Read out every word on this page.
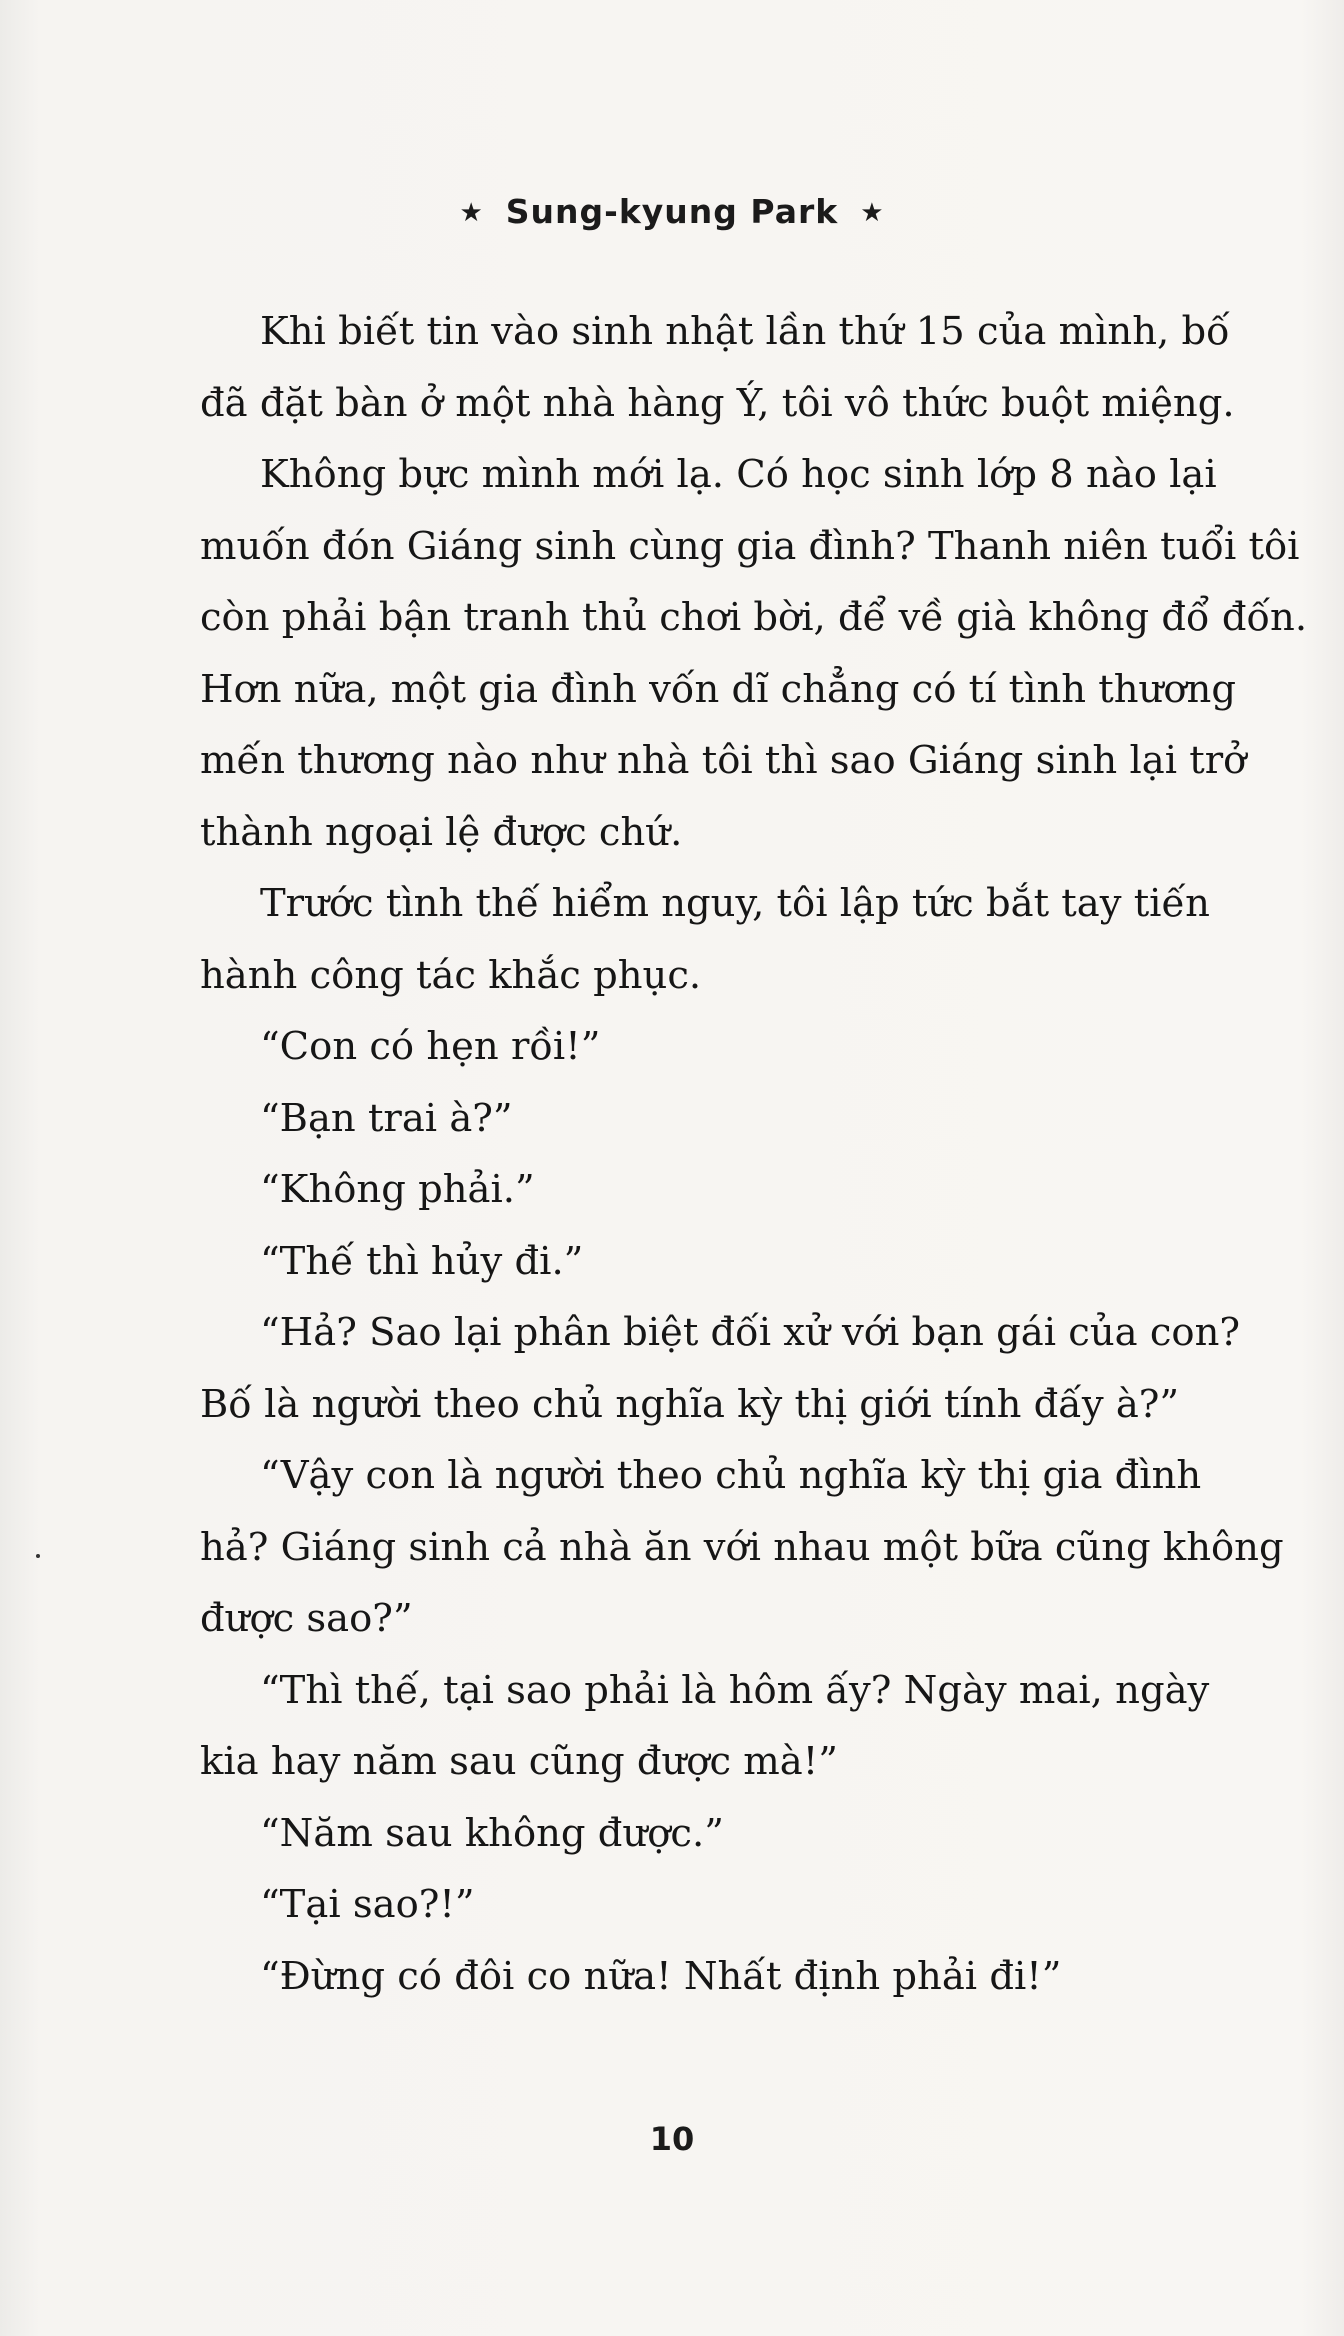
★ Sung-kyung Park ★

Khi biết tin vào sinh nhật lần thứ 15 của mình, bố

đã đặt bàn ở một nhà hàng Ý, tôi vô thức buột miệng.

Không bực mình mới lạ. Có học sinh lớp 8 nào lại

muốn đón Giáng sinh cùng gia đình? Thanh niên tuổi tôi

còn phải bận tranh thủ chơi bời, để về già không đổ đốn.

Hơn nữa, một gia đình vốn dĩ chẳng có tí tình thương

mến thương nào như nhà tôi thì sao Giáng sinh lại trở

thành ngoại lệ được chứ.

Trước tình thế hiểm nguy, tôi lập tức bắt tay tiến

hành công tác khắc phục.

“Con có hẹn rồi!”

“Bạn trai à?”

“Không phải.”

“Thế thì hủy đi.”

“Hả? Sao lại phân biệt đối xử với bạn gái của con?

Bố là người theo chủ nghĩa kỳ thị giới tính đấy à?”

“Vậy con là người theo chủ nghĩa kỳ thị gia đình

hả? Giáng sinh cả nhà ăn với nhau một bữa cũng không

được sao?”

“Thì thế, tại sao phải là hôm ấy? Ngày mai, ngày

kia hay năm sau cũng được mà!”

“Năm sau không được.”

“Tại sao?!”

“Đừng có đôi co nữa! Nhất định phải đi!”

10
